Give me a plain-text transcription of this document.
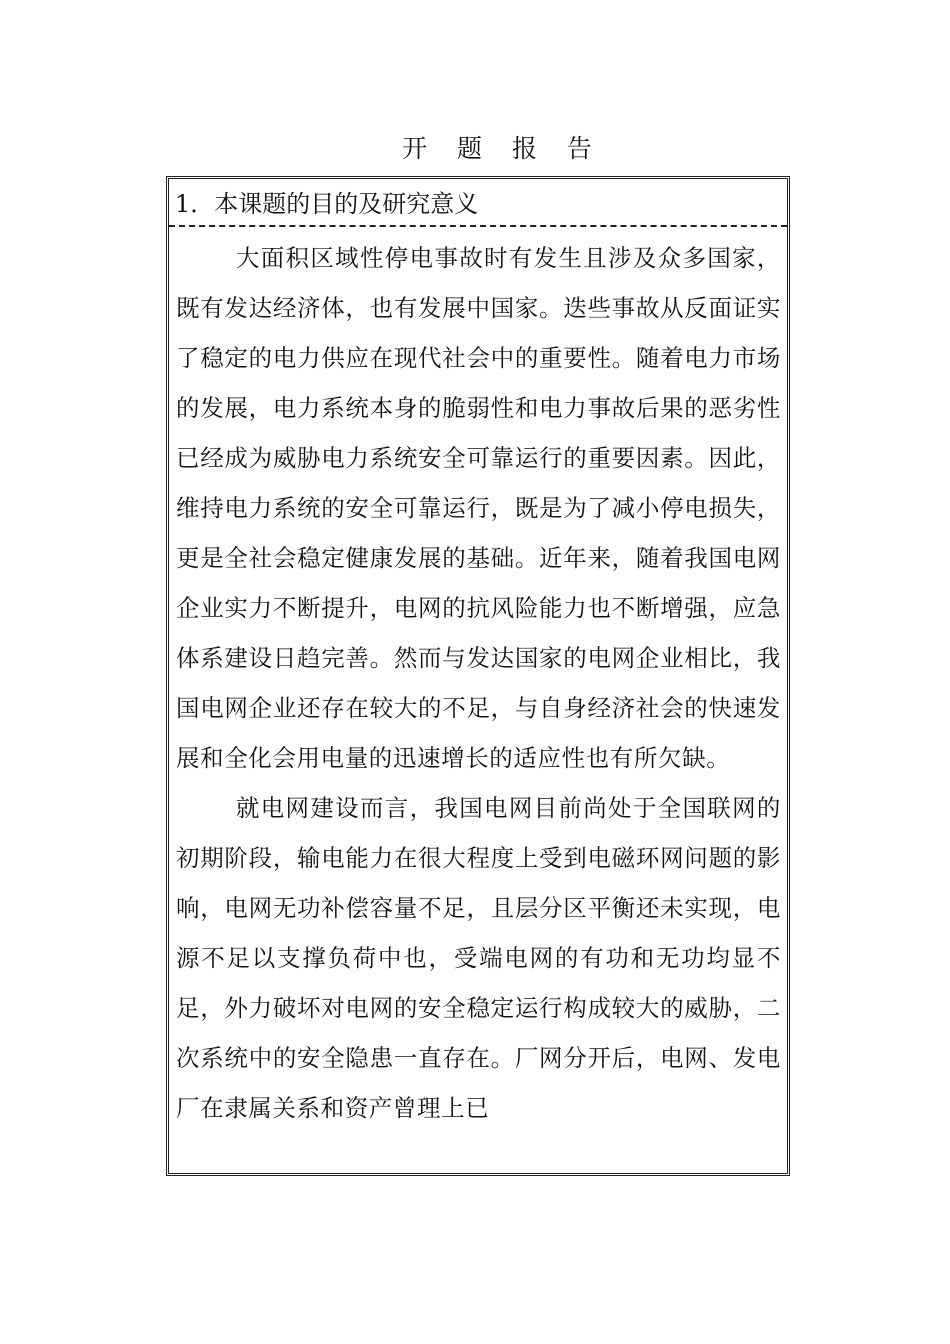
开 题 报 告
1．本课题的目的及研究意义

大面积区域性停电事故时有发生且涉及众多国家，既有发达经济体，也有发展中国家。迭些事故从反面证实了稳定的电力供应在现代社会中的重要性。随着电力市场的发展，电力系统本身的脆弱性和电力事故后果的恶劣性已经成为威胁电力系统安全可靠运行的重要因素。因此，维持电力系统的安全可靠运行，既是为了减小停电损失，更是全社会稳定健康发展的基础。近年来，随着我国电网企业实力不断提升，电网的抗风险能力也不断增强，应急体系建设日趋完善。然而与发达国家的电网企业相比，我国电网企业还存在较大的不足，与自身经济社会的快速发展和全化会用电量的迅速增长的适应性也有所欠缺。

就电网建设而言，我国电网目前尚处于全国联网的初期阶段，输电能力在很大程度上受到电磁环网问题的影响，电网无功补偿容量不足，且层分区平衡还未实现，电源不足以支撑负荷中也，受端电网的有功和无功均显不足，外力破坏对电网的安全稳定运行构成较大的威胁，二次系统中的安全隐患一直存在。厂网分开后，电网、发电厂在隶属关系和资产曾理上已
